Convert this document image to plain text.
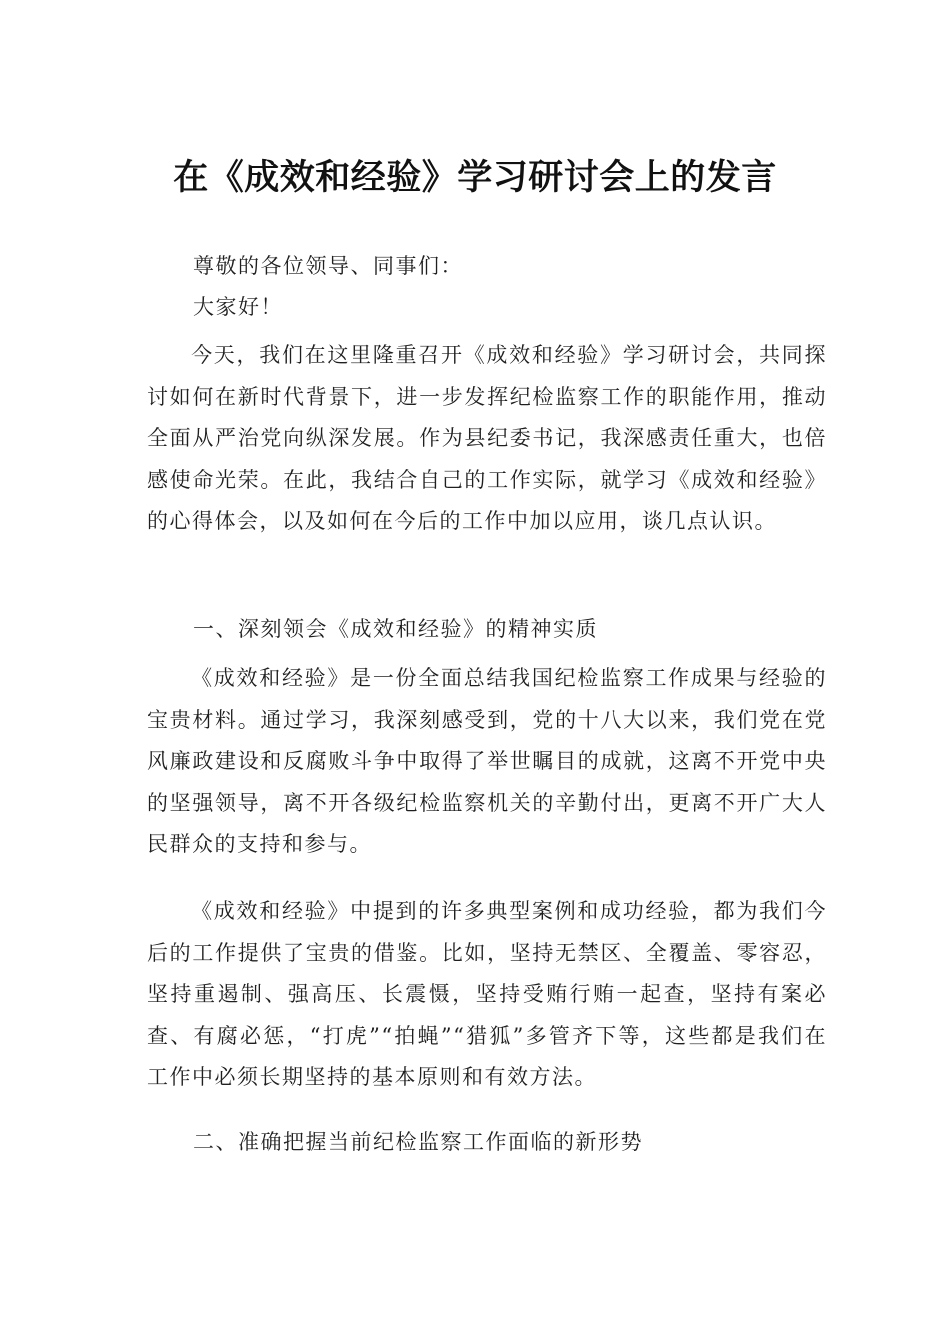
在《成效和经验》学习研讨会上的发言

尊敬的各位领导、同事们：

大家好！

今天，我们在这里隆重召开《成效和经验》学习研讨会，共同探讨如何在新时代背景下，进一步发挥纪检监察工作的职能作用，推动全面从严治党向纵深发展。作为县纪委书记，我深感责任重大，也倍感使命光荣。在此，我结合自己的工作实际，就学习《成效和经验》的心得体会，以及如何在今后的工作中加以应用，谈几点认识。

一、深刻领会《成效和经验》的精神实质

《成效和经验》是一份全面总结我国纪检监察工作成果与经验的宝贵材料。通过学习，我深刻感受到，党的十八大以来，我们党在党风廉政建设和反腐败斗争中取得了举世瞩目的成就，这离不开党中央的坚强领导，离不开各级纪检监察机关的辛勤付出，更离不开广大人民群众的支持和参与。

《成效和经验》中提到的许多典型案例和成功经验，都为我们今后的工作提供了宝贵的借鉴。比如，坚持无禁区、全覆盖、零容忍，坚持重遏制、强高压、长震慑，坚持受贿行贿一起查，坚持有案必查、有腐必惩，“打虎”“拍蝇”“猎狐”多管齐下等，这些都是我们在工作中必须长期坚持的基本原则和有效方法。

二、准确把握当前纪检监察工作面临的新形势
